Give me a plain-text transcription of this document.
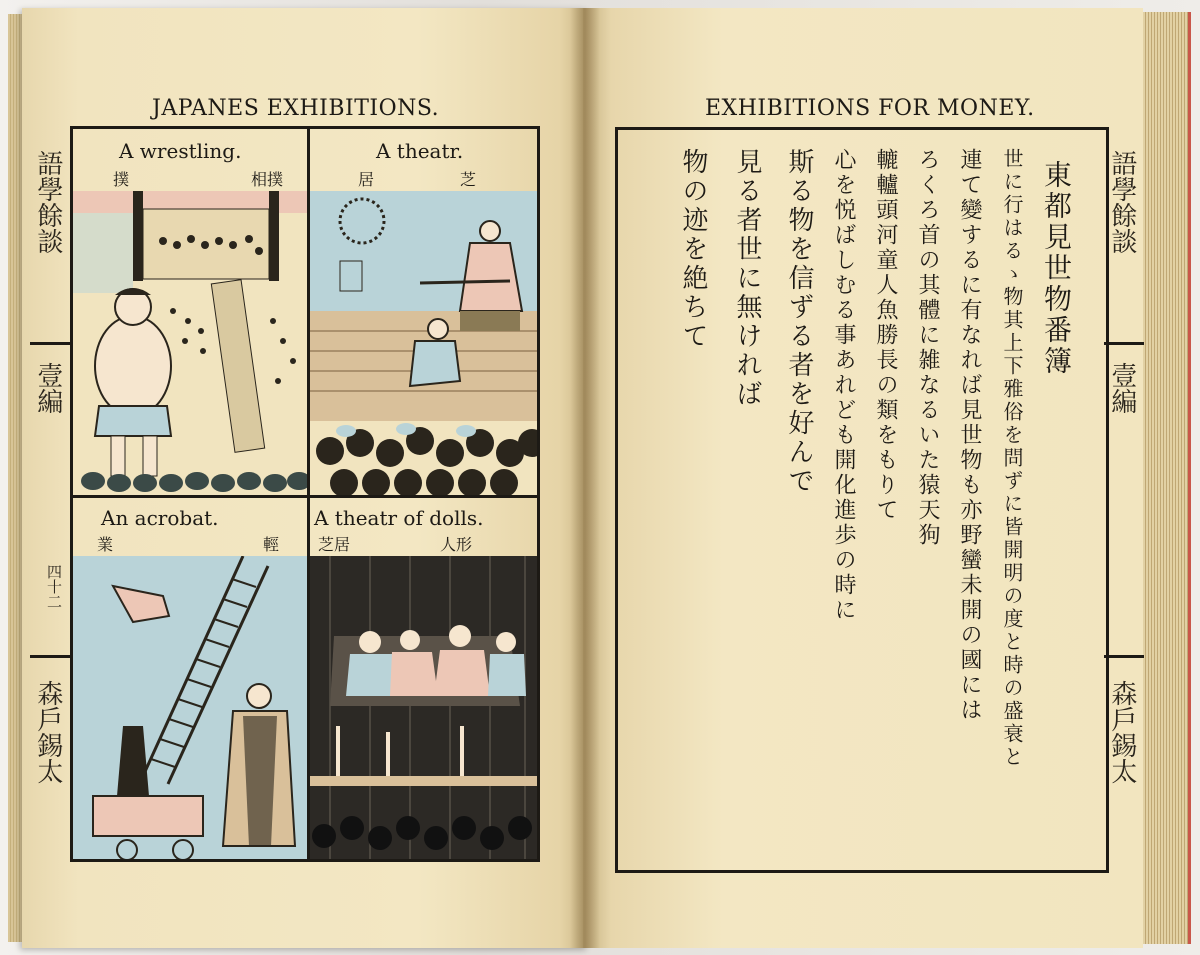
JAPANES EXHIBITIONS.
語學餘談
壹編
四十二
森戶錫太
A wrestling.
撲	相撲
A theatr.
居	芝
An acrobat.
業	輕
A theatr of dolls.
芝居	人形
EXHIBITIONS FOR MONEY.
東都見世物番簿
世に行はるゝ物其上下雅俗を問ずに皆開明の度と時の盛衰と
連て變するに有なれば見世物も亦野蠻未開の國には
ろくろ首の其體に雑なるいた猿天狗
轆轤頭河童人魚勝長の類をもりて
心を悦ばしむる事あれども開化進歩の時に
斯る物を信ずる者を好んで
見る者世に無ければ
物の迹を絶ちて	語學餘談
壹編
森戶錫太
